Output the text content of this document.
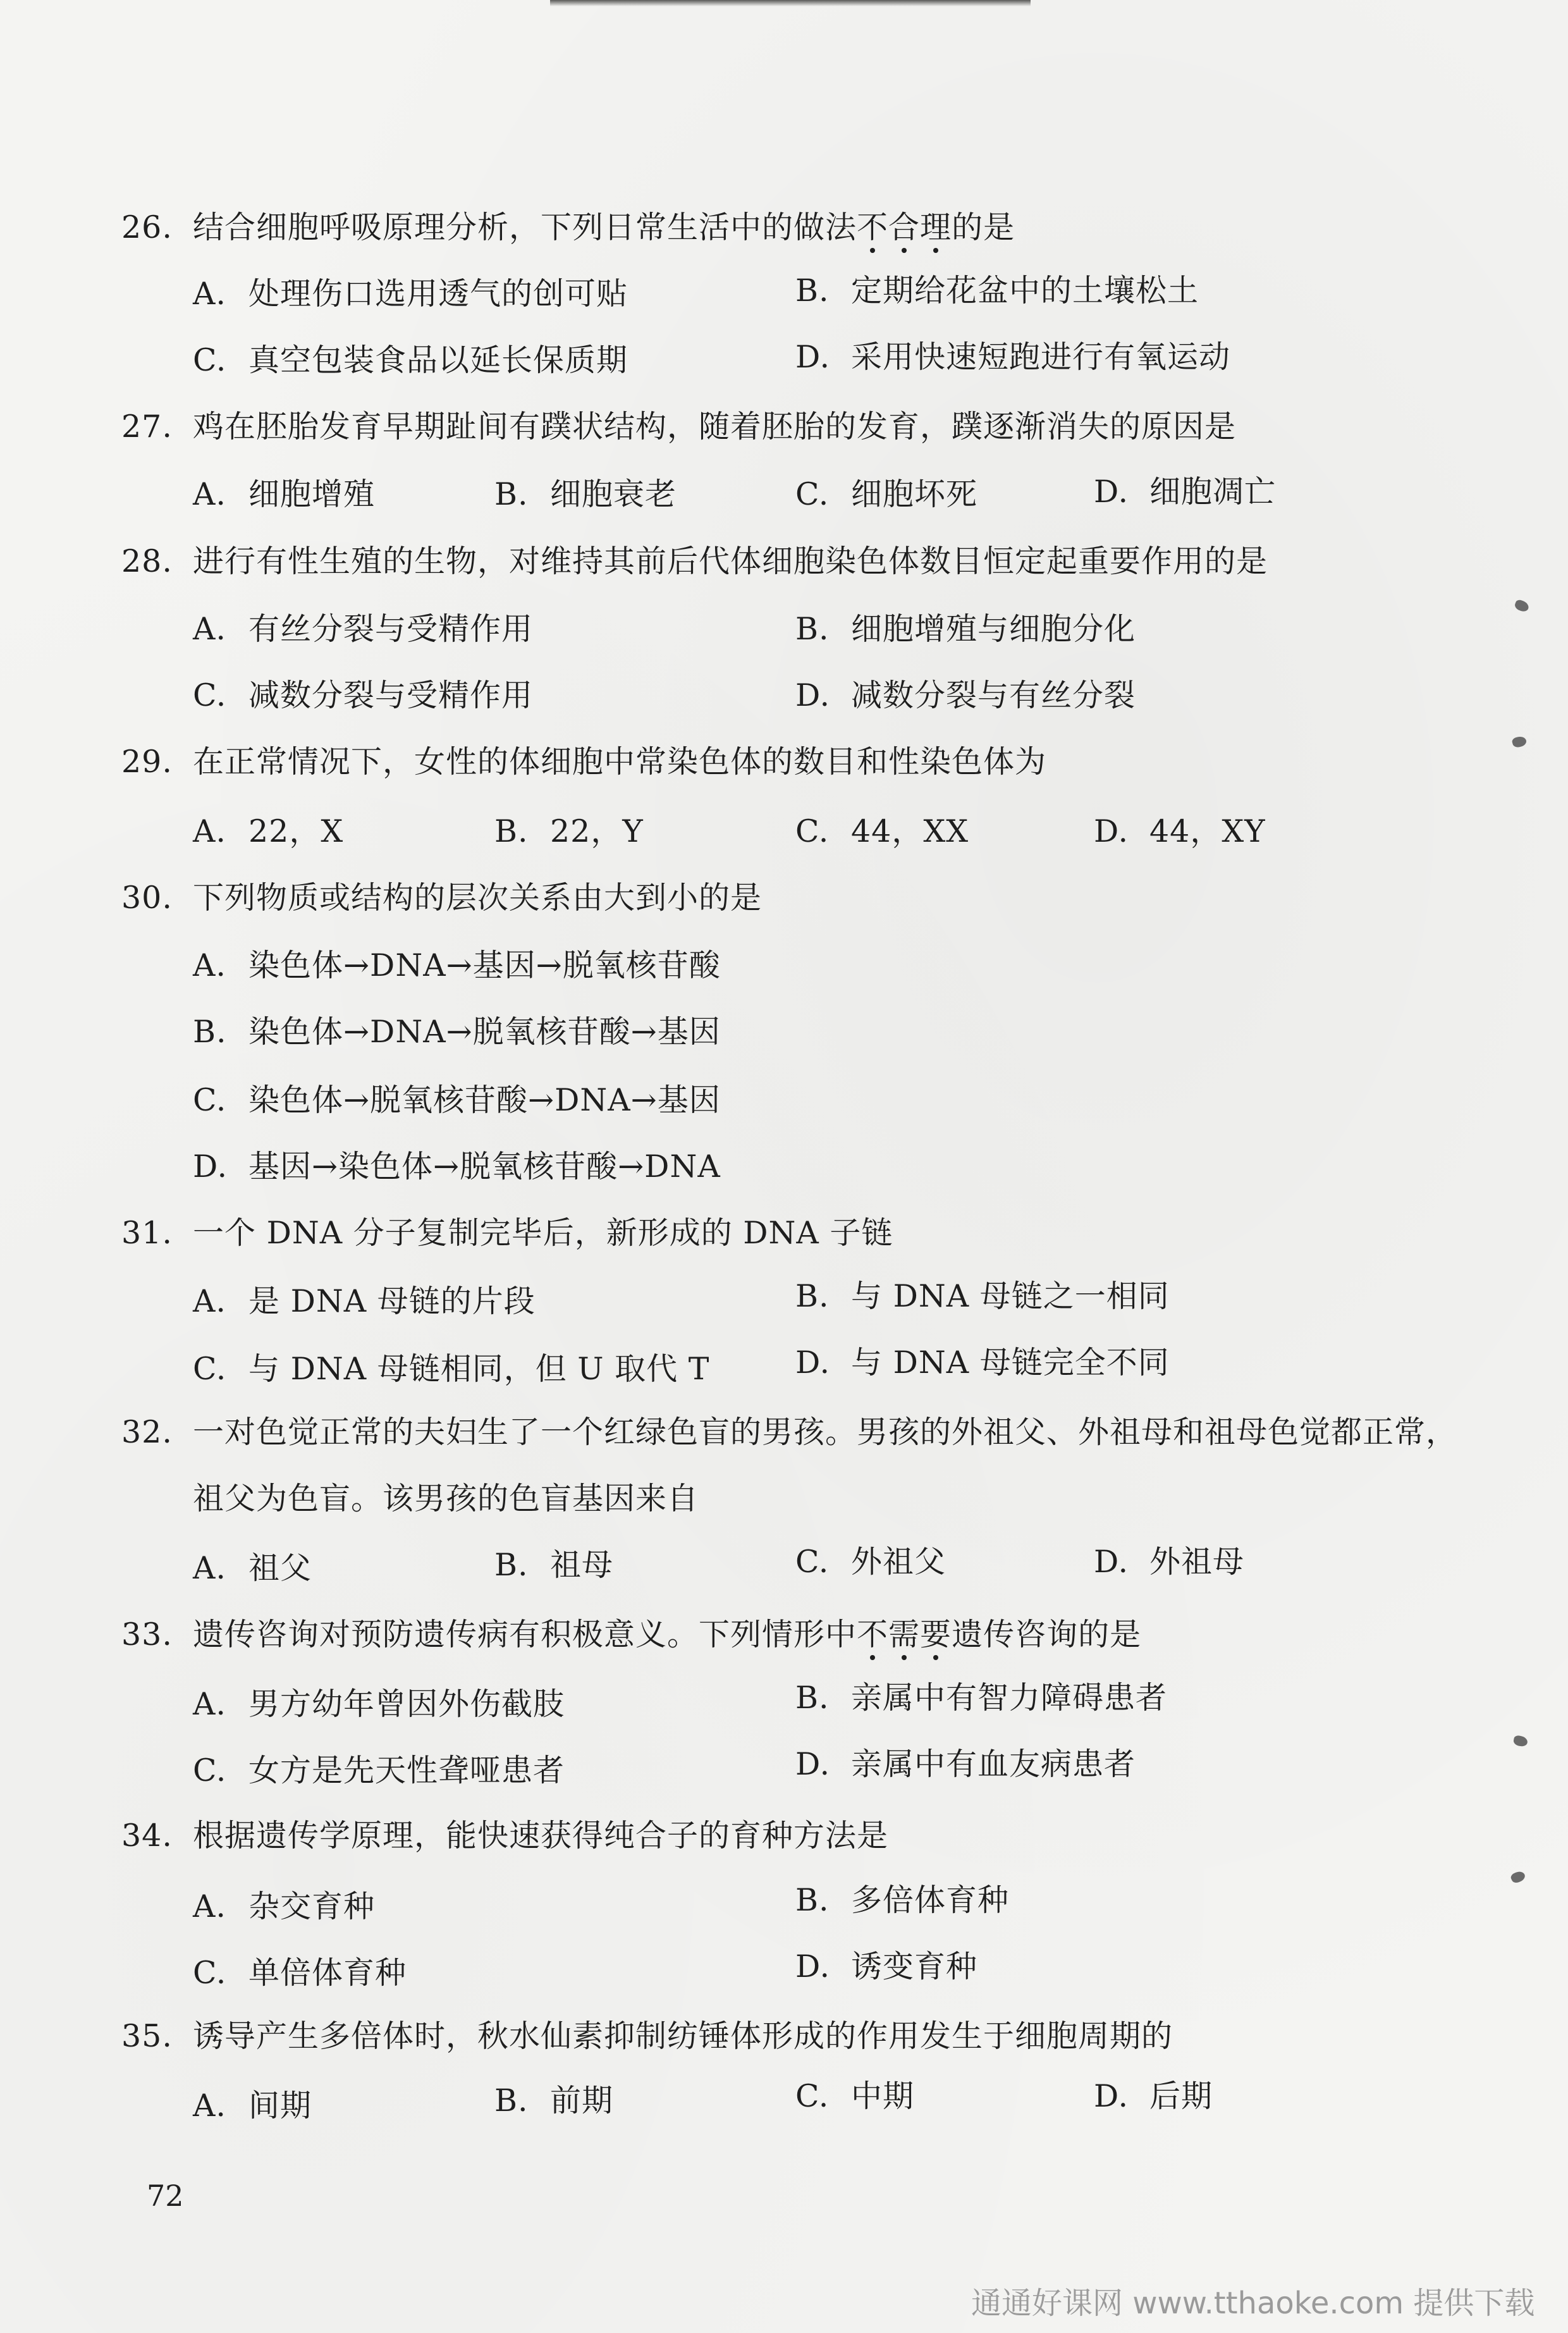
26. 结合细胞呼吸原理分析，下列日常生活中的做法不合理的是
A. 处理伤口选用透气的创可贴	B. 定期给花盆中的土壤松土
C. 真空包装食品以延长保质期	D. 采用快速短跑进行有氧运动
27. 鸡在胚胎发育早期趾间有蹼状结构，随着胚胎的发育，蹼逐渐消失的原因是
A. 细胞增殖	B. 细胞衰老	C. 细胞坏死	D. 细胞凋亡
28. 进行有性生殖的生物，对维持其前后代体细胞染色体数目恒定起重要作用的是
A. 有丝分裂与受精作用	B. 细胞增殖与细胞分化
C. 减数分裂与受精作用	D. 减数分裂与有丝分裂
29. 在正常情况下，女性的体细胞中常染色体的数目和性染色体为
A. 22，X	B. 22，Y	C. 44，XX	D. 44，XY
30. 下列物质或结构的层次关系由大到小的是
A. 染色体→DNA→基因→脱氧核苷酸
B. 染色体→DNA→脱氧核苷酸→基因
C. 染色体→脱氧核苷酸→DNA→基因
D. 基因→染色体→脱氧核苷酸→DNA
31. 一个 DNA 分子复制完毕后，新形成的 DNA 子链
A. 是 DNA 母链的片段	B. 与 DNA 母链之一相同
C. 与 DNA 母链相同，但 U 取代 T	D. 与 DNA 母链完全不同
32. 一对色觉正常的夫妇生了一个红绿色盲的男孩。男孩的外祖父、外祖母和祖母色觉都正常，
祖父为色盲。该男孩的色盲基因来自
A. 祖父	B. 祖母	C. 外祖父	D. 外祖母
33. 遗传咨询对预防遗传病有积极意义。下列情形中不需要遗传咨询的是
A. 男方幼年曾因外伤截肢	B. 亲属中有智力障碍患者
C. 女方是先天性聋哑患者	D. 亲属中有血友病患者
34. 根据遗传学原理，能快速获得纯合子的育种方法是
A. 杂交育种	B. 多倍体育种
C. 单倍体育种	D. 诱变育种
35. 诱导产生多倍体时，秋水仙素抑制纺锤体形成的作用发生于细胞周期的
A. 间期	B. 前期	C. 中期	D. 后期
72
通通好课网 www.tthaoke.com 提供下载
